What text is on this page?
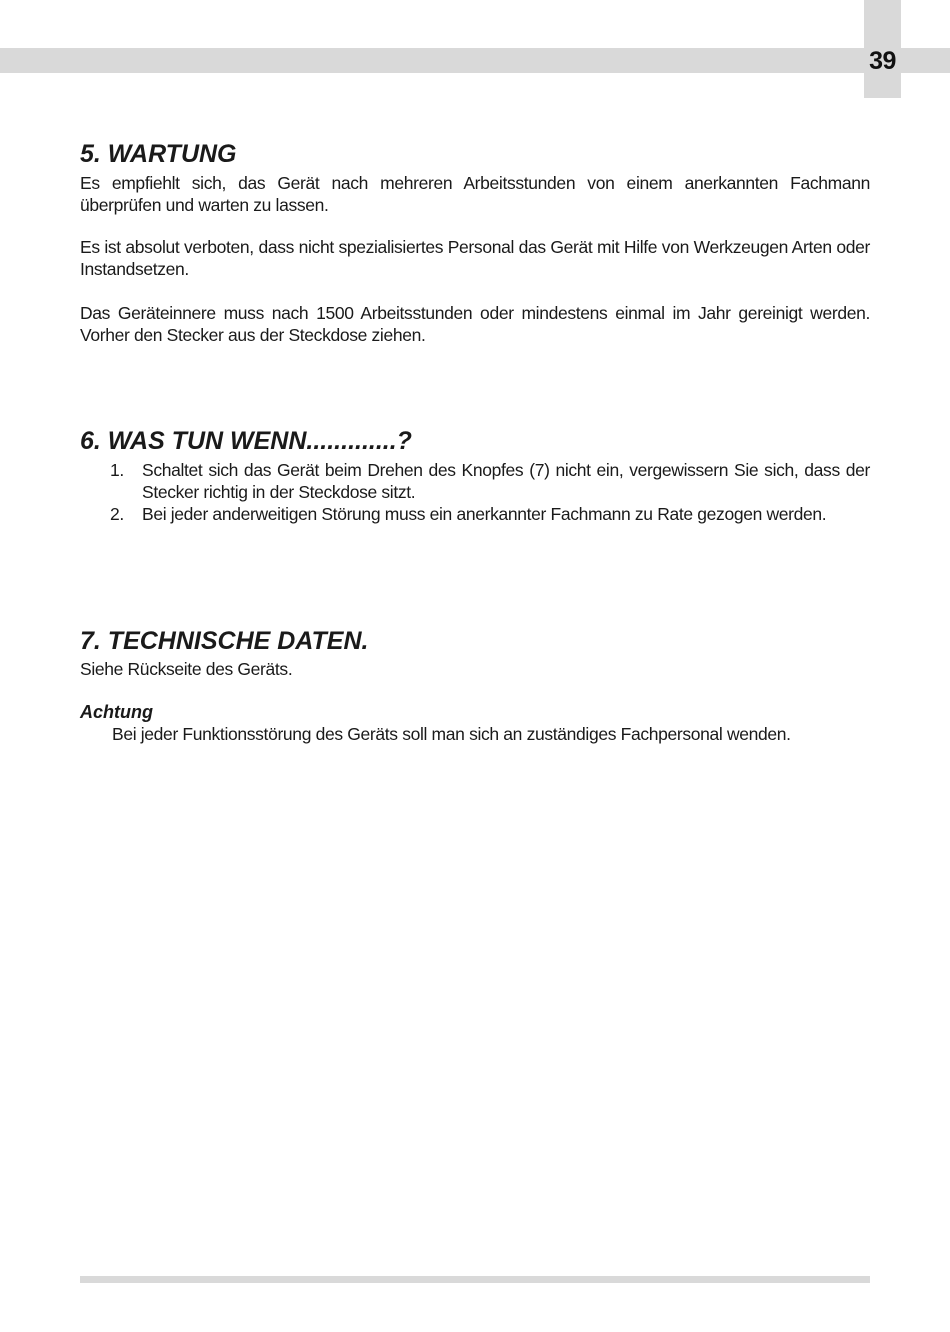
39
5. WARTUNG

Es empfiehlt sich, das Gerät nach mehreren Arbeitsstunden von einem anerkannten Fachmann überprüfen und warten zu lassen.

Es ist absolut verboten, dass nicht spezialisiertes Personal das Gerät mit Hilfe von Werkzeugen Arten oder Instandsetzen.

Das Geräteinnere muss nach 1500 Arbeitsstunden oder mindestens einmal im Jahr gereinigt werden. Vorher den Stecker aus der Steckdose ziehen.

6. WAS TUN WENN.............?
1. Schaltet sich das Gerät beim Drehen des Knopfes (7) nicht ein, vergewissern Sie sich, dass der Stecker richtig in der Steckdose sitzt.
2. Bei jeder anderweitigen Störung muss ein anerkannter Fachmann zu Rate gezogen werden.
7. TECHNISCHE DATEN.

Siehe Rückseite des Geräts.

Achtung

Bei jeder Funktionsstörung des Geräts soll man sich an zuständiges Fachpersonal wenden.
